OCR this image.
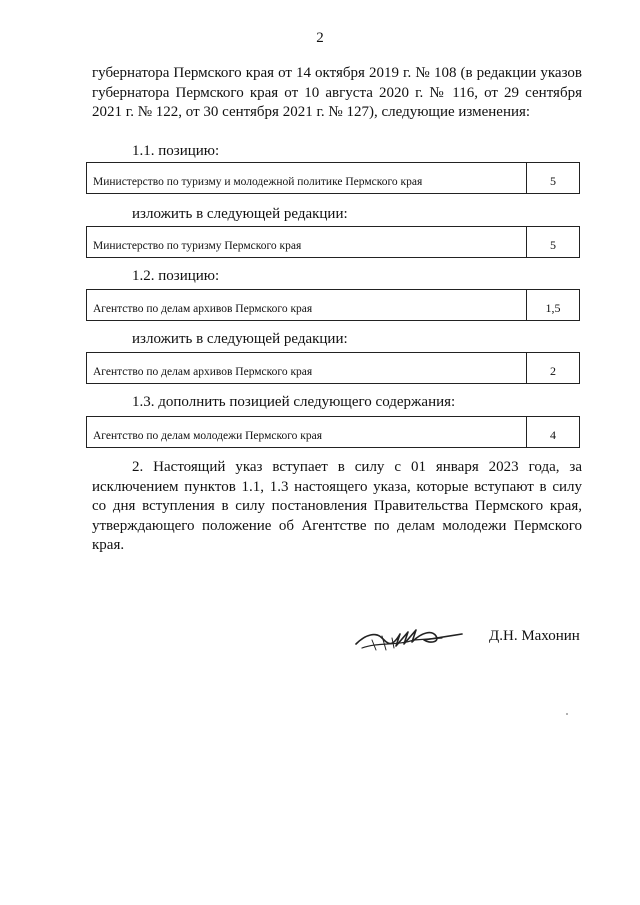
2
губернатора Пермского края от 14 октября 2019 г. № 108 (в редакции указов губернатора Пермского края от 10 августа 2020 г. № 116, от 29 сентября 2021 г. № 122, от 30 сентября 2021 г. № 127), следующие изменения:
1.1. позицию:
Министерство по туризму и молодежной политике Пермского края	5
изложить в следующей редакции:
Министерство по туризму Пермского края	5
1.2. позицию:
Агентство по делам архивов Пермского края	1,5
изложить в следующей редакции:
Агентство по делам архивов Пермского края	2
1.3. дополнить позицией следующего содержания:
Агентство по делам молодежи Пермского края	4
2. Настоящий указ вступает в силу с 01 января 2023 года, за исключением пунктов 1.1, 1.3 настоящего указа, которые вступают в силу со дня вступления в силу постановления Правительства Пермского края, утверждающего положение об Агентстве по делам молодежи Пермского края.
Д.Н. Махонин
